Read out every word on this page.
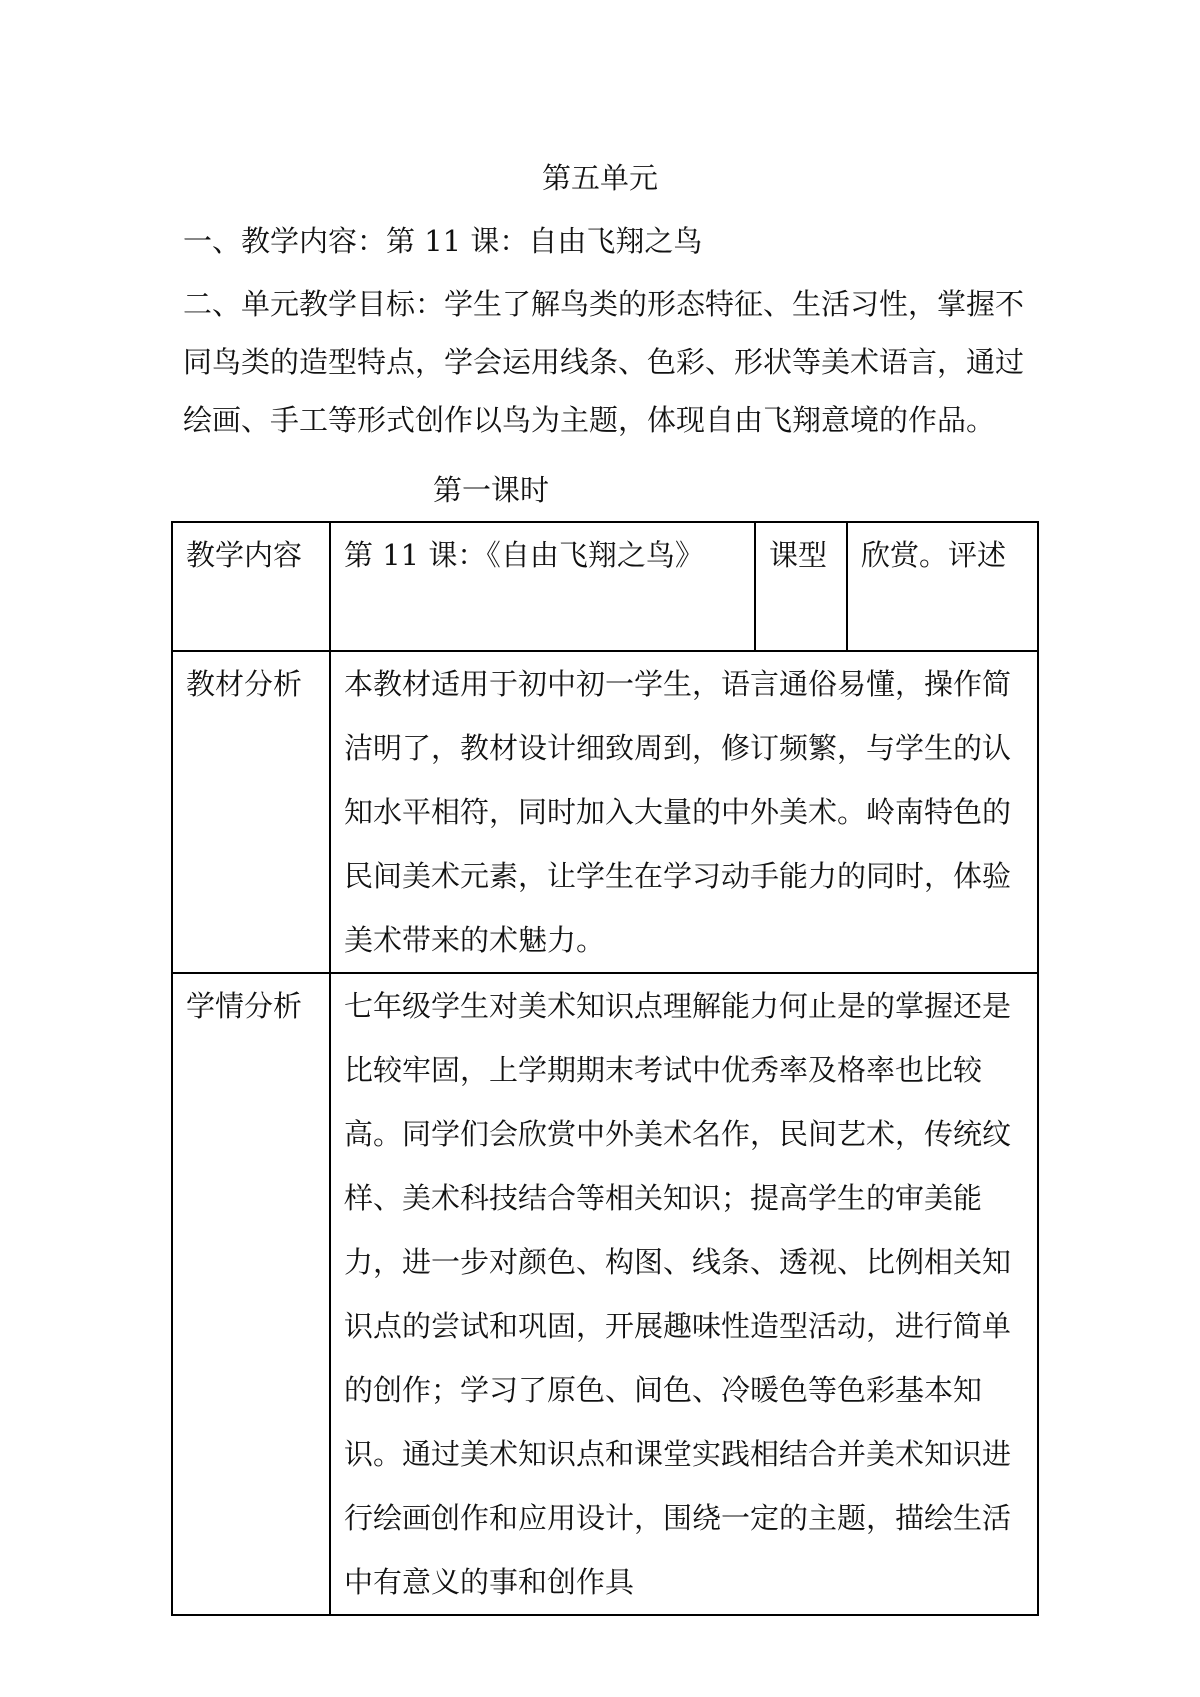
第五单元
一、教学内容：第 11 课：自由飞翔之鸟
二、单元教学目标：学生了解鸟类的形态特征、生活习性，掌握不同鸟类的造型特点，学会运用线条、色彩、形状等美术语言，通过绘画、手工等形式创作以鸟为主题，体现自由飞翔意境的作品。
第一课时
教学内容	第 11 课：《自由飞翔之鸟》	课型	欣赏。评述
教材分析	本教材适用于初中初一学生，语言通俗易懂，操作简洁明了，教材设计细致周到，修订频繁，与学生的认知水平相符，同时加入大量的中外美术。岭南特色的民间美术元素，让学生在学习动手能力的同时，体验美术带来的术魅力。		
学情分析	七年级学生对美术知识点理解能力何止是的掌握还是比较牢固，上学期期末考试中优秀率及格率也比较高。同学们会欣赏中外美术名作，民间艺术，传统纹样、美术科技结合等相关知识；提高学生的审美能力，进一步对颜色、构图、线条、透视、比例相关知识点的尝试和巩固，开展趣味性造型活动，进行简单的创作；学习了原色、间色、冷暖色等色彩基本知识。通过美术知识点和课堂实践相结合并美术知识进行绘画创作和应用设计，围绕一定的主题，描绘生活中有意义的事和创作具		
